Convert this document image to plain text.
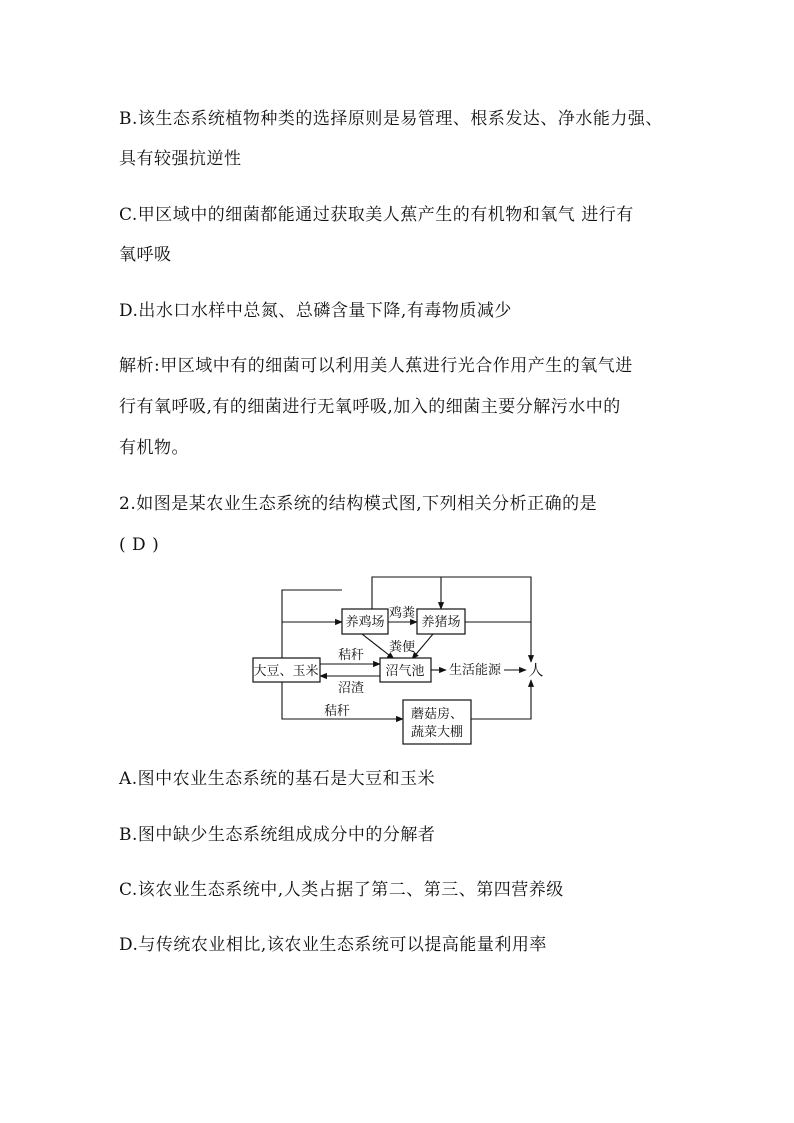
B.该生态系统植物种类的选择原则是易管理、根系发达、净水能力强、
具有较强抗逆性
C.甲区域中的细菌都能通过获取美人蕉产生的有机物和氧气 进行有
氧呼吸
D.出水口水样中总氮、总磷含量下降,有毒物质减少
解析:甲区域中有的细菌可以利用美人蕉进行光合作用产生的氧气进
行有氧呼吸,有的细菌进行无氧呼吸,加入的细菌主要分解污水中的
有机物。
2.如图是某农业生态系统的结构模式图,下列相关分析正确的是
( D )
养鸡场	养猪场
大豆、玉米	沼气池
蘑菇房、
蔬菜大棚
鸡粪
粪便
秸秆
沼渣
生活能源
秸秆
人
A.图中农业生态系统的基石是大豆和玉米
B.图中缺少生态系统组成成分中的分解者
C.该农业生态系统中,人类占据了第二、第三、第四营养级
D.与传统农业相比,该农业生态系统可以提高能量利用率
